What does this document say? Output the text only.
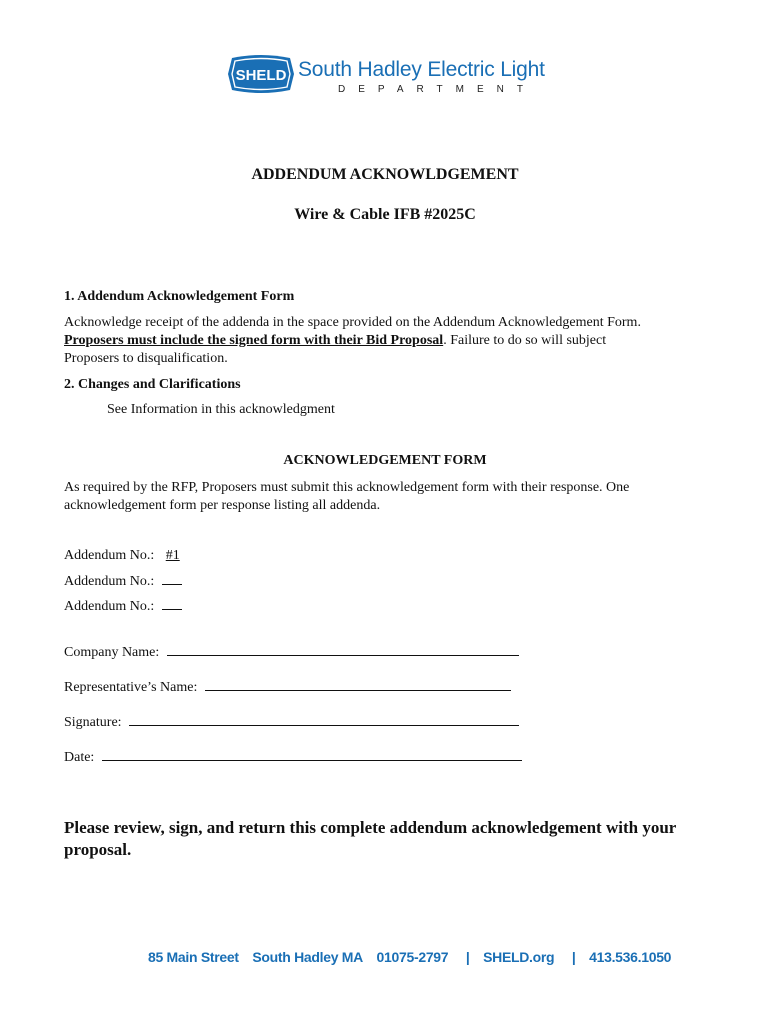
SHELD South Hadley Electric Light
DEPARTMENT
ADDENDUM ACKNOWLDGEMENT
Wire & Cable IFB #2025C
1. Addendum Acknowledgement Form
Acknowledge receipt of the addenda in the space provided on the Addendum Acknowledgement Form.
Proposers must include the signed form with their Bid Proposal. Failure to do so will subject
Proposers to disqualification.
2. Changes and Clarifications
See Information in this acknowledgment
ACKNOWLEDGEMENT FORM
As required by the RFP, Proposers must submit this acknowledgement form with their response. One
acknowledgement form per response listing all addenda.
Addendum No.: #1
Addendum No.:
Addendum No.:
Company Name:
Representative’s Name:
Signature:
Date:
Please review, sign, and return this complete addendum acknowledgement with your proposal.
85 Main Street South Hadley MA 01075-2797 | SHELD.org | 413.536.1050
